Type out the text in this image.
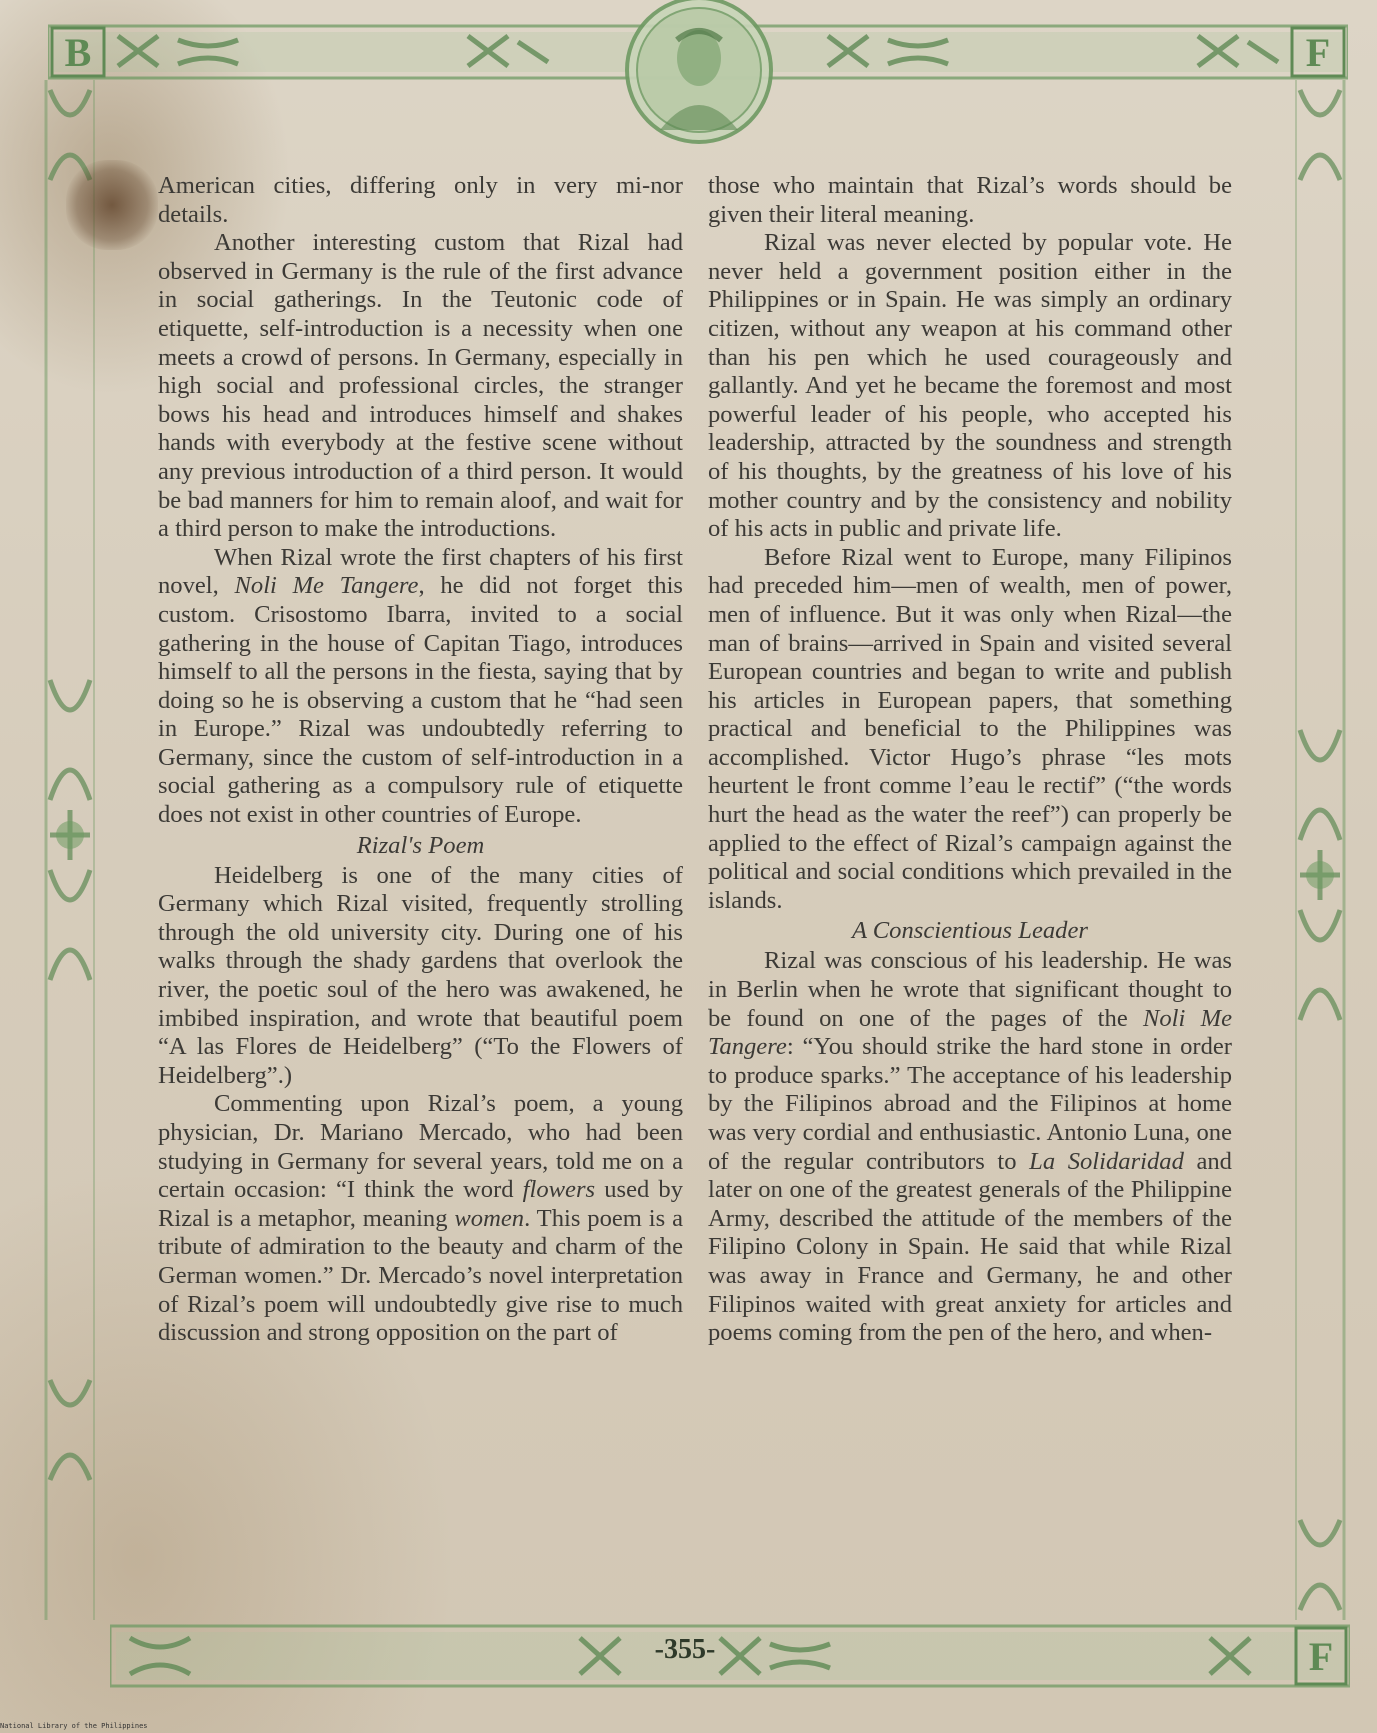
B	F
F

American cities, differing only in very mi-nor details.

Another interesting custom that Rizal had observed in Germany is the rule of the first advance in social gatherings. In the Teutonic code of etiquette, self-introduction is a necessity when one meets a crowd of persons. In Germany, especially in high social and professional circles, the stranger bows his head and introduces himself and shakes hands with everybody at the festive scene without any previous introduction of a third person. It would be bad manners for him to remain aloof, and wait for a third person to make the introductions.

When Rizal wrote the first chapters of his first novel, Noli Me Tangere, he did not forget this custom. Crisostomo Ibarra, invited to a social gathering in the house of Capitan Tiago, introduces himself to all the persons in the fiesta, saying that by doing so he is observing a custom that he “had seen in Europe.” Rizal was undoubtedly referring to Germany, since the custom of self-introduction in a social gathering as a compulsory rule of etiquette does not exist in other countries of Europe.

Rizal's Poem

Heidelberg is one of the many cities of Germany which Rizal visited, frequently strolling through the old university city. During one of his walks through the shady gardens that overlook the river, the poetic soul of the hero was awakened, he imbibed inspiration, and wrote that beautiful poem “A las Flores de Heidelberg” (“To the Flowers of Heidelberg”.)

Commenting upon Rizal’s poem, a young physician, Dr. Mariano Mercado, who had been studying in Germany for several years, told me on a certain occasion: “I think the word flowers used by Rizal is a metaphor, meaning women. This poem is a tribute of admiration to the beauty and charm of the German women.” Dr. Mercado’s novel interpretation of Rizal’s poem will undoubtedly give rise to much discussion and strong opposition on the part of

those who maintain that Rizal’s words should be given their literal meaning.

Rizal was never elected by popular vote. He never held a government position either in the Philippines or in Spain. He was simply an ordinary citizen, without any weapon at his command other than his pen which he used courageously and gallantly. And yet he became the foremost and most powerful leader of his people, who accepted his leadership, attracted by the soundness and strength of his thoughts, by the greatness of his love of his mother country and by the consistency and nobility of his acts in public and private life.

Before Rizal went to Europe, many Filipinos had preceded him—men of wealth, men of power, men of influence. But it was only when Rizal—the man of brains—arrived in Spain and visited several European countries and began to write and publish his articles in European papers, that something practical and beneficial to the Philippines was accomplished. Victor Hugo’s phrase “les mots heurtent le front comme l’eau le rectif” (“the words hurt the head as the water the reef”) can properly be applied to the effect of Rizal’s campaign against the political and social conditions which prevailed in the islands.

A Conscientious Leader

Rizal was conscious of his leadership. He was in Berlin when he wrote that significant thought to be found on one of the pages of the Noli Me Tangere: “You should strike the hard stone in order to produce sparks.” The acceptance of his leadership by the Filipinos abroad and the Filipinos at home was very cordial and enthusiastic. Antonio Luna, one of the regular contributors to La Solidaridad and later on one of the greatest generals of the Philippine Army, described the attitude of the members of the Filipino Colony in Spain. He said that while Rizal was away in France and Germany, he and other Filipinos waited with great anxiety for articles and poems coming from the pen of the hero, and when-

-355-
National Library of the Philippines
